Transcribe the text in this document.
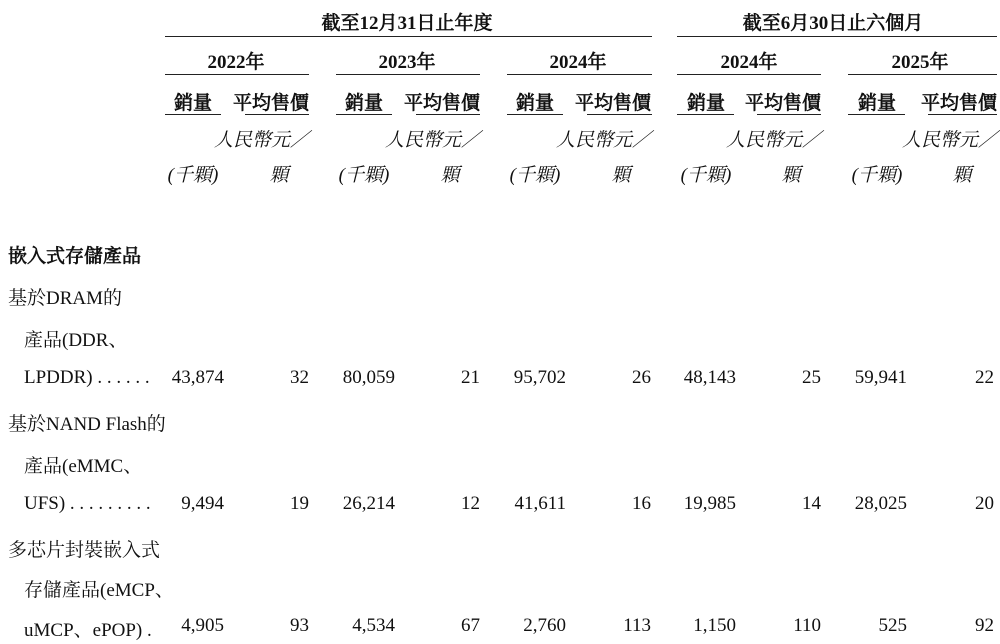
截至12月31日止年度	截至6月30日止六個月
2022年	2023年	2024年	2024年	2025年
銷量 平均售價 銷量 平均售價 銷量 平均售價 銷量 平均售價 銷量 平均售價
人民幣元／	人民幣元／	人民幣元／	人民幣元／	人民幣元／
(千顆)	顆	(千顆)	顆	(千顆)	顆	(千顆)	顆	(千顆)	顆
嵌入式存儲產品
基於DRAM的
產品(DDR、
LPDDR) . . . . . . 43,874	32 80,059	21 95,702	26 48,143	25 59,941	22
基於NAND Flash的
產品(eMMC、
UFS) . . . . . . . . . 9,494	19 26,214	12 41,611	16 19,985	14 28,025	20
多芯片封裝嵌入式
存儲產品(eMCP、
uMCP、ePOP) . 4,905	93 4,534	67 2,760	113 1,150	110	525	92
